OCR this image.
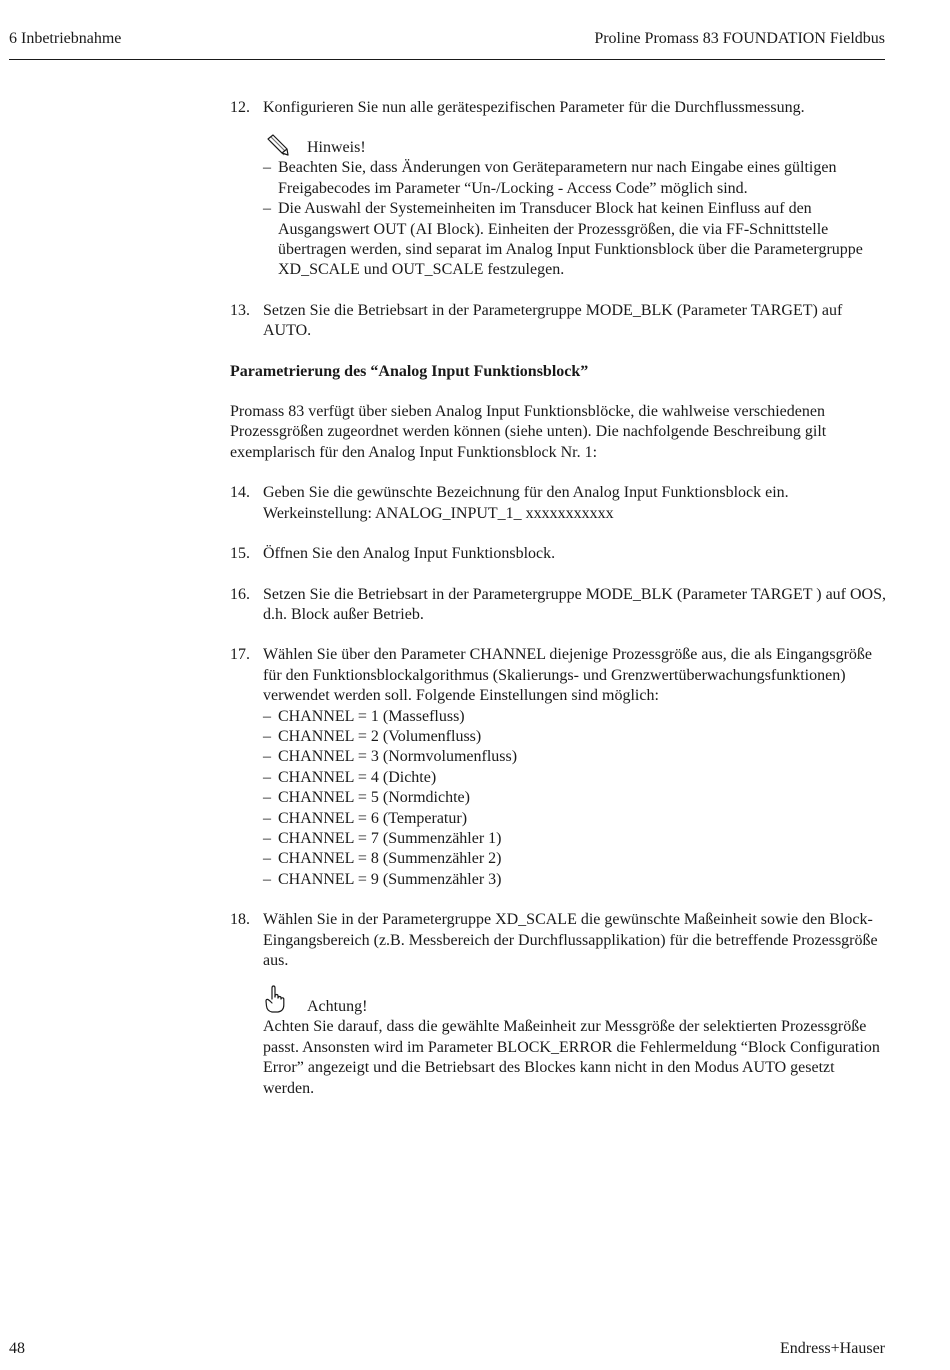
6 Inbetriebnahme	Proline Promass 83 FOUNDATION Fieldbus
12. Konfigurieren Sie nun alle gerätespezifischen Parameter für die Durchflussmessung.

Hinweis!
– Beachten Sie, dass Änderungen von Geräteparametern nur nach Eingabe eines gültigen Freigabecodes im Parameter “Un-/Locking - Access Code” möglich sind.
– Die Auswahl der Systemeinheiten im Transducer Block hat keinen Einfluss auf den Ausgangswert OUT (AI Block). Einheiten der Prozessgrößen, die via FF-Schnittstelle übertragen werden, sind separat im Analog Input Funktionsblock über die Parametergruppe XD_SCALE und OUT_SCALE festzulegen.
13. Setzen Sie die Betriebsart in der Parametergruppe MODE_BLK (Parameter TARGET) auf AUTO.

Parametrierung des “Analog Input Funktionsblock”

Promass 83 verfügt über sieben Analog Input Funktionsblöcke, die wahlweise verschiedenen Prozessgrößen zugeordnet werden können (siehe unten). Die nachfolgende Beschreibung gilt exemplarisch für den Analog Input Funktionsblock Nr. 1:

14. Geben Sie die gewünschte Bezeichnung für den Analog Input Funktionsblock ein.

Werkeinstellung: ANALOG_INPUT_1_ xxxxxxxxxxx

15. Öffnen Sie den Analog Input Funktionsblock.

16. Setzen Sie die Betriebsart in der Parametergruppe MODE_BLK (Parameter TARGET ) auf OOS, d.h. Block außer Betrieb.

17. Wählen Sie über den Parameter CHANNEL diejenige Prozessgröße aus, die als Eingangsgröße für den Funktionsblockalgorithmus (Skalierungs- und Grenzwertüberwachungsfunktionen) verwendet werden soll. Folgende Einstellungen sind möglich:

– CHANNEL = 1 (Massefluss)
– CHANNEL = 2 (Volumenfluss)
– CHANNEL = 3 (Normvolumenfluss)
– CHANNEL = 4 (Dichte)
– CHANNEL = 5 (Normdichte)
– CHANNEL = 6 (Temperatur)
– CHANNEL = 7 (Summenzähler 1)
– CHANNEL = 8 (Summenzähler 2)
– CHANNEL = 9 (Summenzähler 3)
18. Wählen Sie in der Parametergruppe XD_SCALE die gewünschte Maßeinheit sowie den Block-Eingangsbereich (z.B. Messbereich der Durchflussapplikation) für die betreffende Prozessgröße aus.

Achtung!

Achten Sie darauf, dass die gewählte Maßeinheit zur Messgröße der selektierten Prozessgröße passt. Ansonsten wird im Parameter BLOCK_ERROR die Fehlermeldung “Block Configuration Error” angezeigt und die Betriebsart des Blockes kann nicht in den Modus AUTO gesetzt werden.

48	Endress+Hauser
